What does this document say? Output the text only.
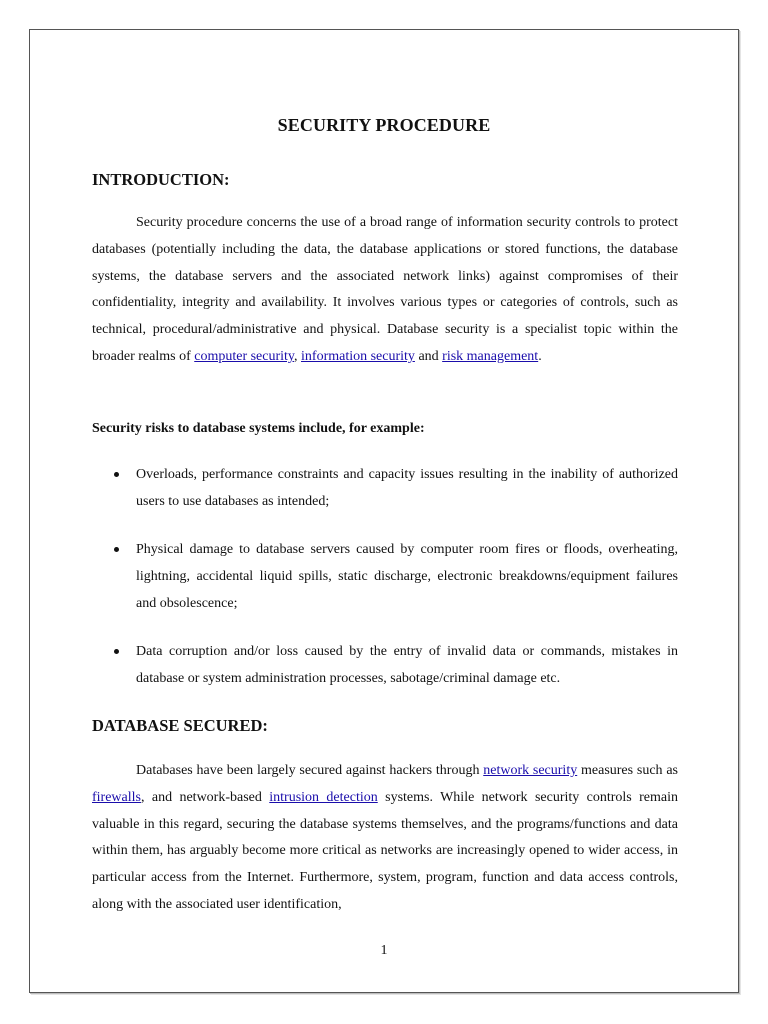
SECURITY PROCEDURE
INTRODUCTION:

Security procedure concerns the use of a broad range of information security controls to protect databases (potentially including the data, the database applications or stored functions, the database systems, the database servers and the associated network links) against compromises of their confidentiality, integrity and availability. It involves various types or categories of controls, such as technical, procedural/administrative and physical. Database security is a specialist topic within the broader realms of computer security, information security and risk management.

Security risks to database systems include, for example:
Overloads, performance constraints and capacity issues resulting in the inability of authorized users to use databases as intended;
Physical damage to database servers caused by computer room fires or floods, overheating, lightning, accidental liquid spills, static discharge, electronic breakdowns/equipment failures and obsolescence;
Data corruption and/or loss caused by the entry of invalid data or commands, mistakes in database or system administration processes, sabotage/criminal damage etc.
DATABASE SECURED:

Databases have been largely secured against hackers through network security measures such as firewalls, and network-based intrusion detection systems. While network security controls remain valuable in this regard, securing the database systems themselves, and the programs/functions and data within them, has arguably become more critical as networks are increasingly opened to wider access, in particular access from the Internet. Furthermore, system, program, function and data access controls, along with the associated user identification,

1
